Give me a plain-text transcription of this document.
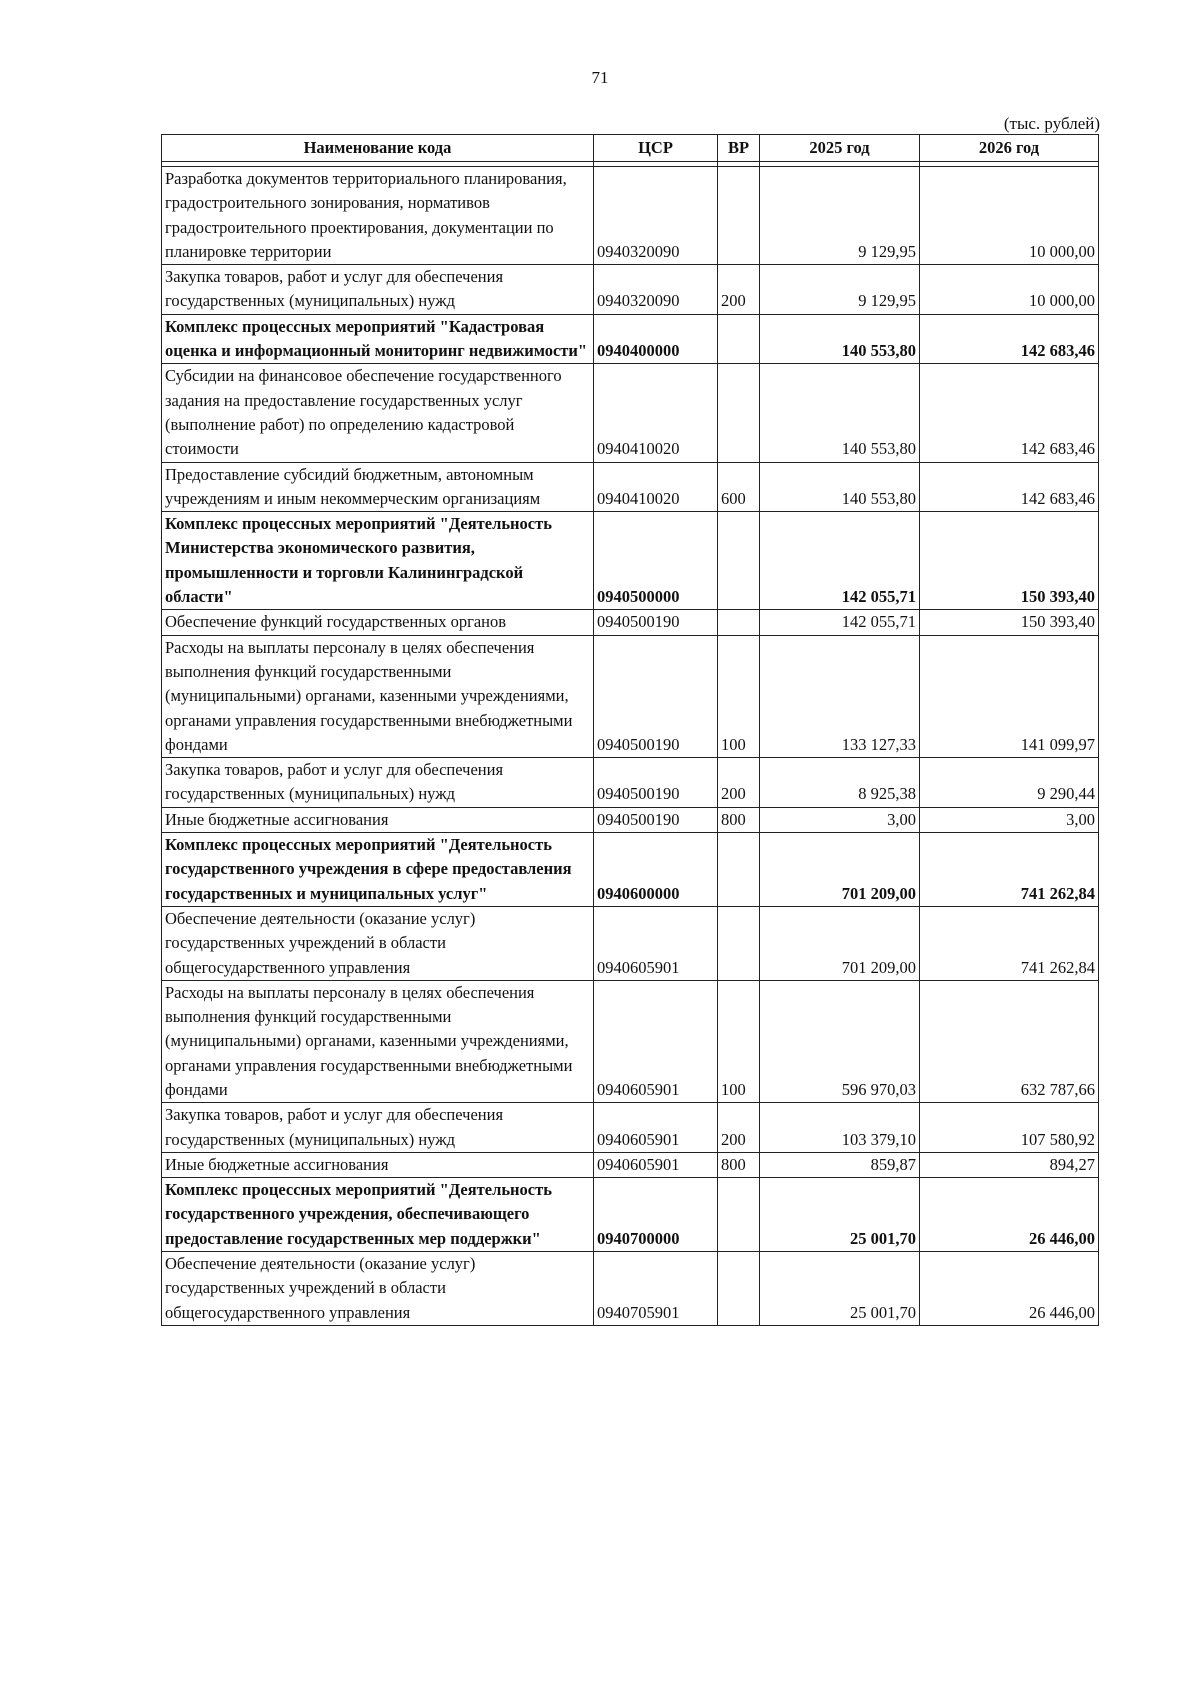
71
(тыс. рублей)
Наименование кода	ЦСР	ВР	2025 год	2026 год

Разработка документов территориального планирования, градостроительного зонирования, нормативов градостроительного проектирования, документации по планировке территории	0940320090		9 129,95	10 000,00
Закупка товаров, работ и услуг для обеспечения государственных (муниципальных) нужд	0940320090	200	9 129,95	10 000,00
Комплекс процессных мероприятий "Кадастровая оценка и информационный мониторинг недвижимости"	0940400000		140 553,80	142 683,46
Субсидии на финансовое обеспечение государственного задания на предоставление государственных услуг (выполнение работ) по определению кадастровой стоимости	0940410020		140 553,80	142 683,46
Предоставление субсидий бюджетным, автономным учреждениям и иным некоммерческим организациям	0940410020	600	140 553,80	142 683,46
Комплекс процессных мероприятий "Деятельность Министерства экономического развития, промышленности и торговли Калининградской области"	0940500000		142 055,71	150 393,40
Обеспечение функций государственных органов	0940500190		142 055,71	150 393,40
Расходы на выплаты персоналу в целях обеспечения выполнения функций государственными (муниципальными) органами, казенными учреждениями, органами управления государственными внебюджетными фондами	0940500190	100	133 127,33	141 099,97
Закупка товаров, работ и услуг для обеспечения государственных (муниципальных) нужд	0940500190	200	8 925,38	9 290,44
Иные бюджетные ассигнования	0940500190	800	3,00	3,00
Комплекс процессных мероприятий "Деятельность государственного учреждения в сфере предоставления государственных и муниципальных услуг"	0940600000		701 209,00	741 262,84
Обеспечение деятельности (оказание услуг) государственных учреждений в области общегосударственного управления	0940605901		701 209,00	741 262,84
Расходы на выплаты персоналу в целях обеспечения выполнения функций государственными (муниципальными) органами, казенными учреждениями, органами управления государственными внебюджетными фондами	0940605901	100	596 970,03	632 787,66
Закупка товаров, работ и услуг для обеспечения государственных (муниципальных) нужд	0940605901	200	103 379,10	107 580,92
Иные бюджетные ассигнования	0940605901	800	859,87	894,27
Комплекс процессных мероприятий "Деятельность государственного учреждения, обеспечивающего предоставление государственных мер поддержки"	0940700000		25 001,70	26 446,00
Обеспечение деятельности (оказание услуг) государственных учреждений в области общегосударственного управления	0940705901		25 001,70	26 446,00
